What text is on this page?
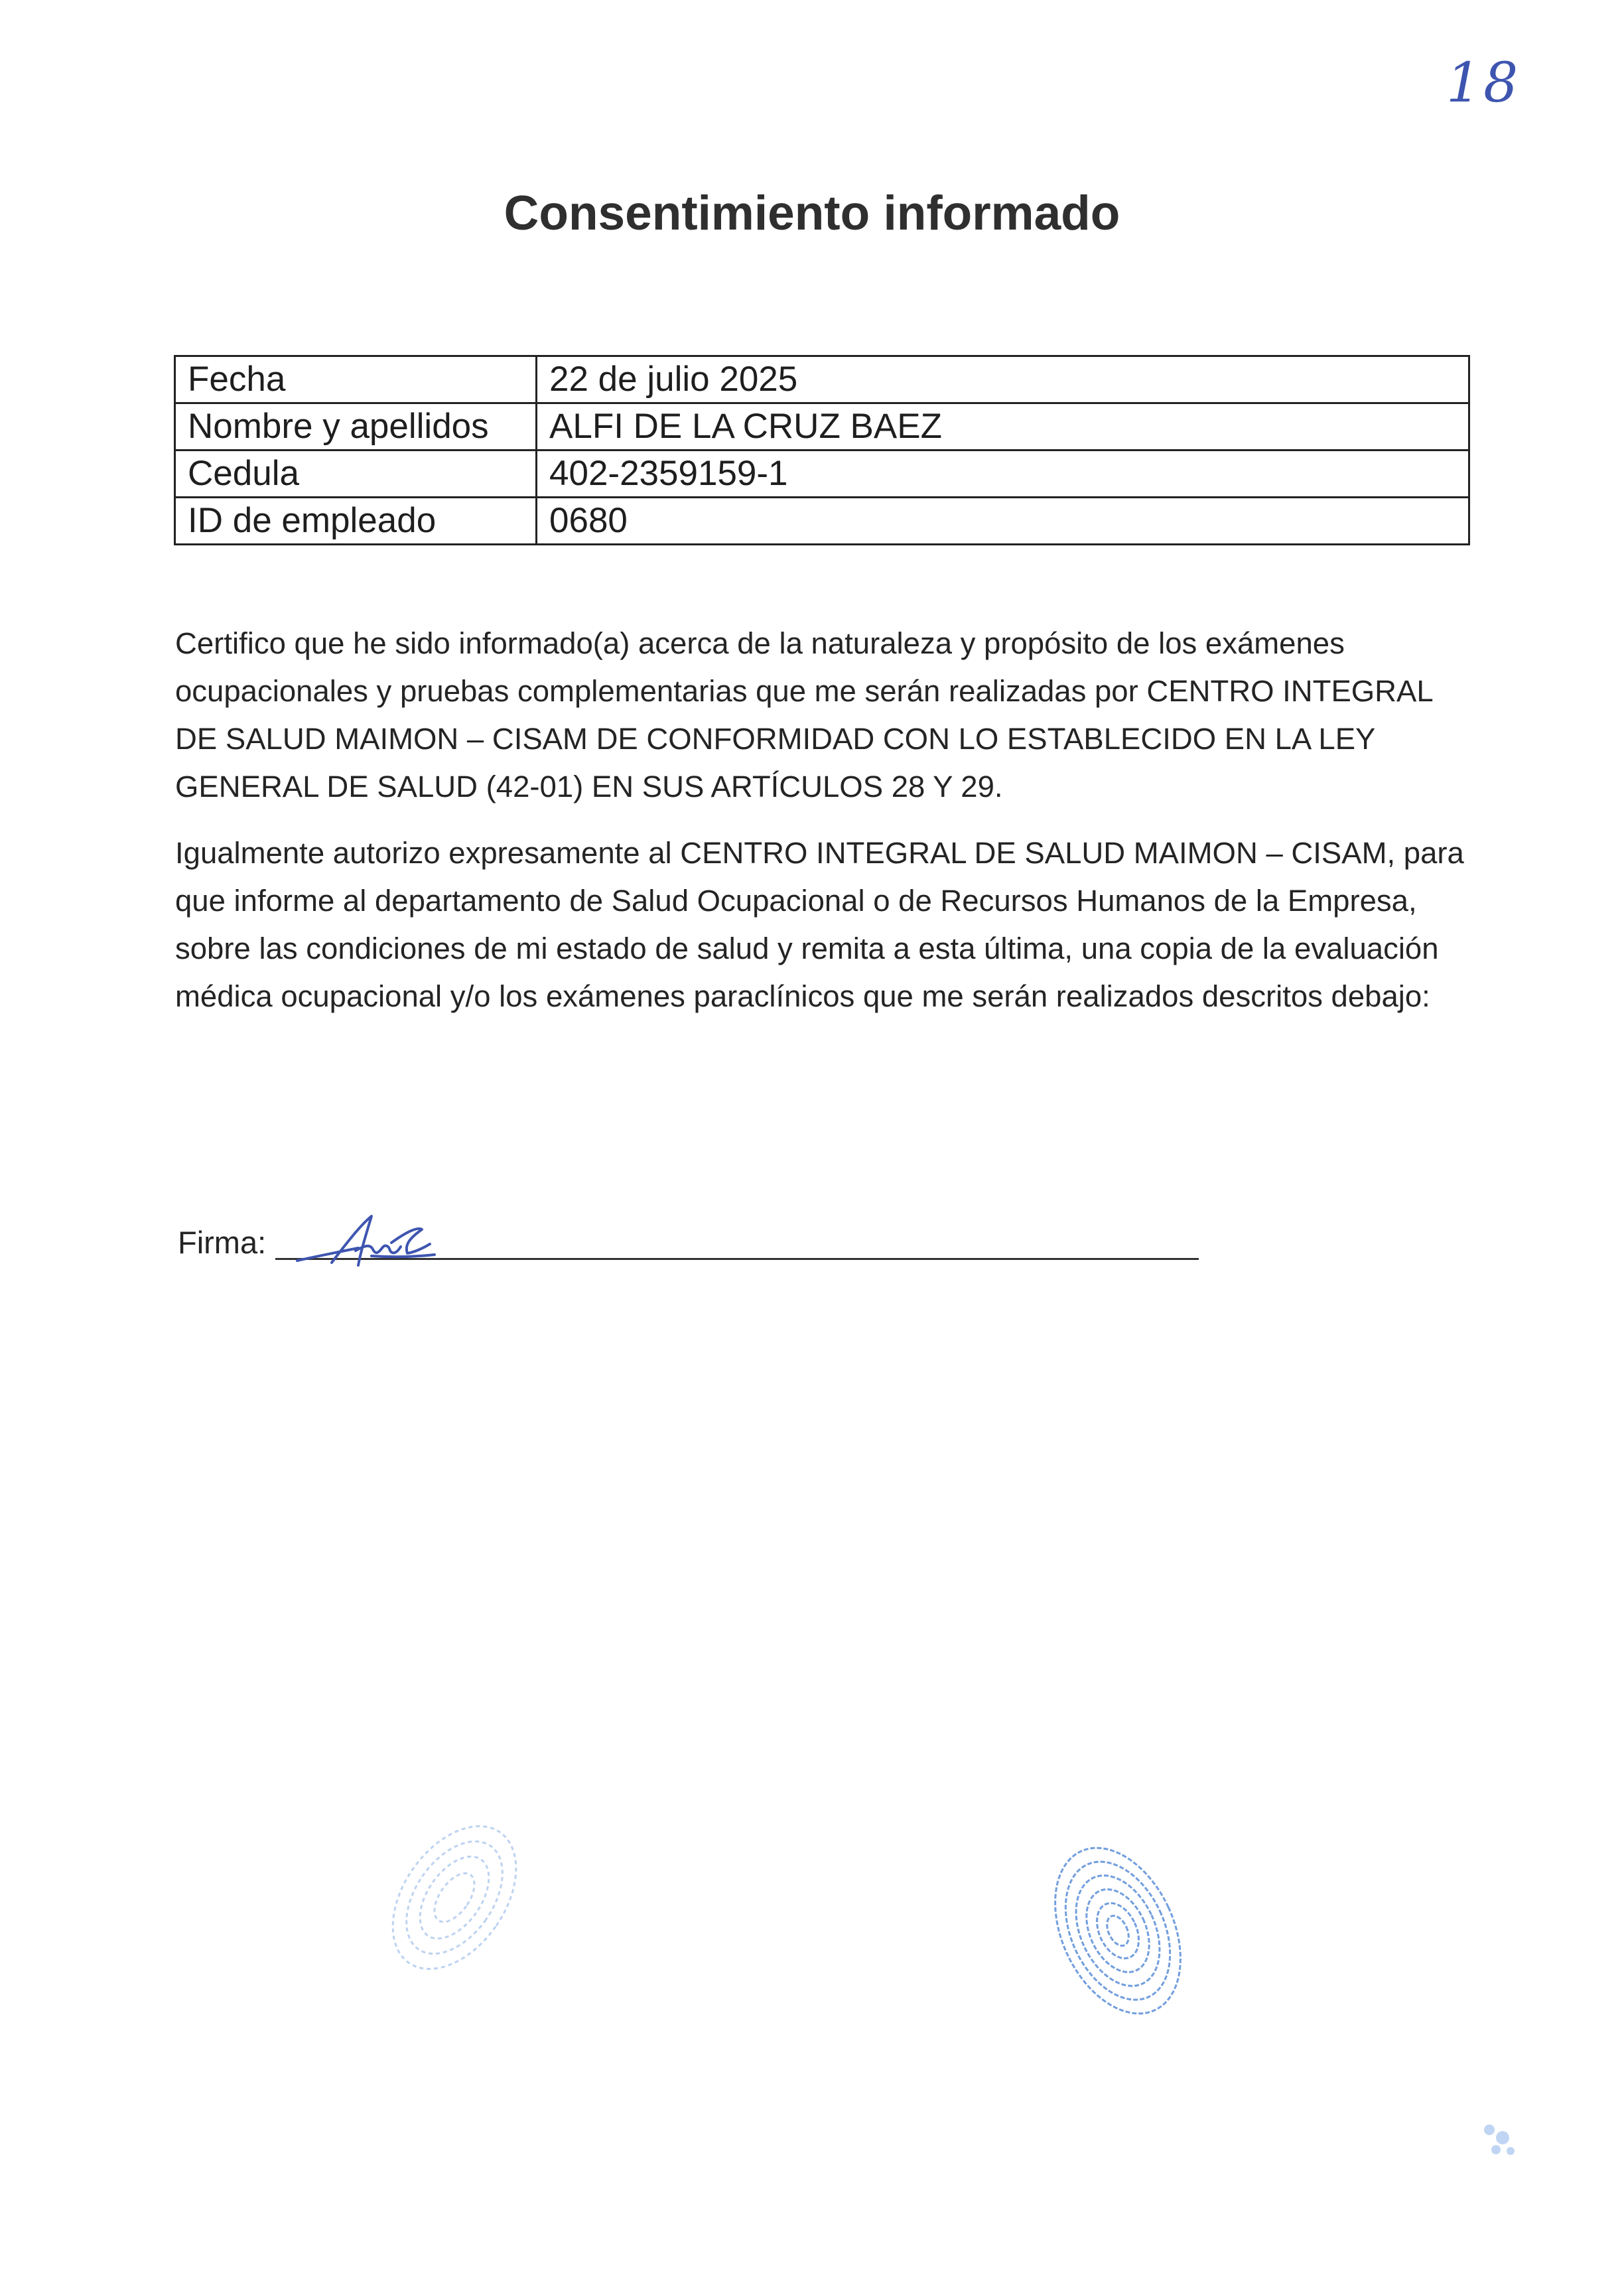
18
Consentimiento informado
Fecha	22 de julio 2025
Nombre y apellidos	ALFI DE LA CRUZ BAEZ
Cedula	402-2359159-1
ID de empleado	0680

Certifico que he sido informado(a) acerca de la naturaleza y propósito de los exámenes ocupacionales y pruebas complementarias que me serán realizadas por CENTRO INTEGRAL DE SALUD MAIMON – CISAM DE CONFORMIDAD CON LO ESTABLECIDO EN LA LEY GENERAL DE SALUD (42-01) EN SUS ARTÍCULOS 28 Y 29.

Igualmente autorizo expresamente al CENTRO INTEGRAL DE SALUD MAIMON – CISAM, para que informe al departamento de Salud Ocupacional o de Recursos Humanos de la Empresa, sobre las condiciones de mi estado de salud y remita a esta última, una copia de la evaluación médica ocupacional y/o los exámenes paraclínicos que me serán realizados descritos debajo:

Firma:
